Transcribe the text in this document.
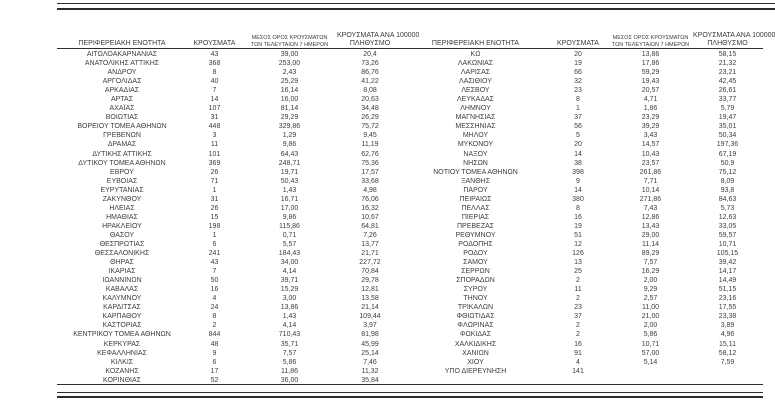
ΠΕΡΙΦΕΡΕΙΑΚΗ ΕΝΟΤΗΤΑ	ΚΡΟΥΣΜΑΤΑ	ΜΕΣΟΣ ΟΡΟΣ ΚΡΟΥΣΜΑΤΩΝ
ΤΩΝ ΤΕΛΕΥΤΑΙΩΝ 7 ΗΜΕΡΩΝ	ΚΡΟΥΣΜΑΤΑ ΑΝΑ 100000
ΠΛΗΘΥΣΜΟ

ΑΙΤΩΛΟΑΚΑΡΝΑΝΙΑΣ	43	39,00	20,4
ΑΝΑΤΟΛΙΚΗΣ ΑΤΤΙΚΗΣ	368	253,00	73,26
ΑΝΔΡΟΥ	8	2,43	86,76
ΑΡΓΟΛΙΔΑΣ	40	25,29	41,22
ΑΡΚΑΔΙΑΣ	7	16,14	8,08
ΑΡΤΑΣ	14	16,00	20,63
ΑΧΑΪΑΣ	107	81,14	34,48
ΒΟΙΩΤΙΑΣ	31	29,29	26,29
ΒΟΡΕΙΟΥ ΤΟΜΕΑ ΑΘΗΝΩΝ	448	329,86	75,72
ΓΡΕΒΕΝΩΝ	3	1,29	9,45
ΔΡΑΜΑΣ	11	9,86	11,19
ΔΥΤΙΚΗΣ ΑΤΤΙΚΗΣ	101	64,43	62,76
ΔΥΤΙΚΟΥ ΤΟΜΕΑ ΑΘΗΝΩΝ	369	248,71	75,36
ΕΒΡΟΥ	26	19,71	17,57
ΕΥΒΟΙΑΣ	71	50,43	33,68
ΕΥΡΥΤΑΝΙΑΣ	1	1,43	4,98
ΖΑΚΥΝΘΟΥ	31	16,71	76,06
ΗΛΕΙΑΣ	26	17,00	16,32
ΗΜΑΘΙΑΣ	15	9,86	10,67
ΗΡΑΚΛΕΙΟΥ	198	115,86	64,81
ΘΑΣΟΥ	1	0,71	7,26
ΘΕΣΠΡΩΤΙΑΣ	6	5,57	13,77
ΘΕΣΣΑΛΟΝΙΚΗΣ	241	184,43	21,71
ΘΗΡΑΣ	43	34,00	227,72
ΙΚΑΡΙΑΣ	7	4,14	70,84
ΙΩΑΝΝΙΝΩΝ	50	39,71	29,78
ΚΑΒΑΛΑΣ	16	15,29	12,81
ΚΑΛΥΜΝΟΥ	4	3,00	13,58
ΚΑΡΔΙΤΣΑΣ	24	13,86	21,14
ΚΑΡΠΑΘΟΥ	8	1,43	109,44
ΚΑΣΤΟΡΙΑΣ	2	4,14	3,97
ΚΕΝΤΡΙΚΟΥ ΤΟΜΕΑ ΑΘΗΝΩΝ	844	710,43	81,98
ΚΕΡΚΥΡΑΣ	48	35,71	45,99
ΚΕΦΑΛΛΗΝΙΑΣ	9	7,57	25,14
ΚΙΛΚΙΣ	6	5,86	7,46
ΚΟΖΑΝΗΣ	17	11,86	11,32
ΚΟΡΙΝΘΙΑΣ	52	36,00	35,84
ΠΕΡΙΦΕΡΕΙΑΚΗ ΕΝΟΤΗΤΑ	ΚΡΟΥΣΜΑΤΑ	ΜΕΣΟΣ ΟΡΟΣ ΚΡΟΥΣΜΑΤΩΝ
ΤΩΝ ΤΕΛΕΥΤΑΙΩΝ 7 ΗΜΕΡΩΝ	ΚΡΟΥΣΜΑΤΑ ΑΝΑ 100000
ΠΛΗΘΥΣΜΟ

ΚΩ	20	13,86	58,15
ΛΑΚΩΝΙΑΣ	19	17,86	21,32
ΛΑΡΙΣΑΣ	66	59,29	23,21
ΛΑΣΙΘΙΟΥ	32	19,43	42,45
ΛΕΣΒΟΥ	23	20,57	26,61
ΛΕΥΚΑΔΑΣ	8	4,71	33,77
ΛΗΜΝΟΥ	1	1,86	5,79
ΜΑΓΝΗΣΙΑΣ	37	23,29	19,47
ΜΕΣΣΗΝΙΑΣ	56	39,29	35,01
ΜΗΛΟΥ	5	3,43	50,34
ΜΥΚΟΝΟΥ	20	14,57	197,36
ΝΑΞΟΥ	14	10,43	67,19
ΝΗΣΩΝ	38	23,57	50,9
ΝΟΤΙΟΥ ΤΟΜΕΑ ΑΘΗΝΩΝ	398	261,86	75,12
ΞΑΝΘΗΣ	9	7,71	8,09
ΠΑΡΟΥ	14	10,14	93,8
ΠΕΙΡΑΙΩΣ	380	271,86	84,63
ΠΕΛΛΑΣ	8	7,43	5,73
ΠΙΕΡΙΑΣ	16	12,86	12,63
ΠΡΕΒΕΖΑΣ	19	13,43	33,05
ΡΕΘΥΜΝΟΥ	51	29,00	59,57
ΡΟΔΟΠΗΣ	12	11,14	10,71
ΡΟΔΟΥ	126	89,29	105,15
ΣΑΜΟΥ	13	7,57	39,42
ΣΕΡΡΩΝ	25	16,29	14,17
ΣΠΟΡΑΔΩΝ	2	2,00	14,49
ΣΥΡΟΥ	11	9,29	51,15
ΤΗΝΟΥ	2	2,57	23,16
ΤΡΙΚΑΛΩΝ	23	11,00	17,55
ΦΘΙΩΤΙΔΑΣ	37	21,00	23,38
ΦΛΩΡΙΝΑΣ	2	2,00	3,89
ΦΩΚΙΔΑΣ	2	5,86	4,96
ΧΑΛΚΙΔΙΚΗΣ	16	10,71	15,11
ΧΑΝΙΩΝ	91	57,00	58,12
ΧΙΟΥ	4	5,14	7,59
ΥΠΟ ΔΙΕΡΕΥΝΗΣΗ	141		
